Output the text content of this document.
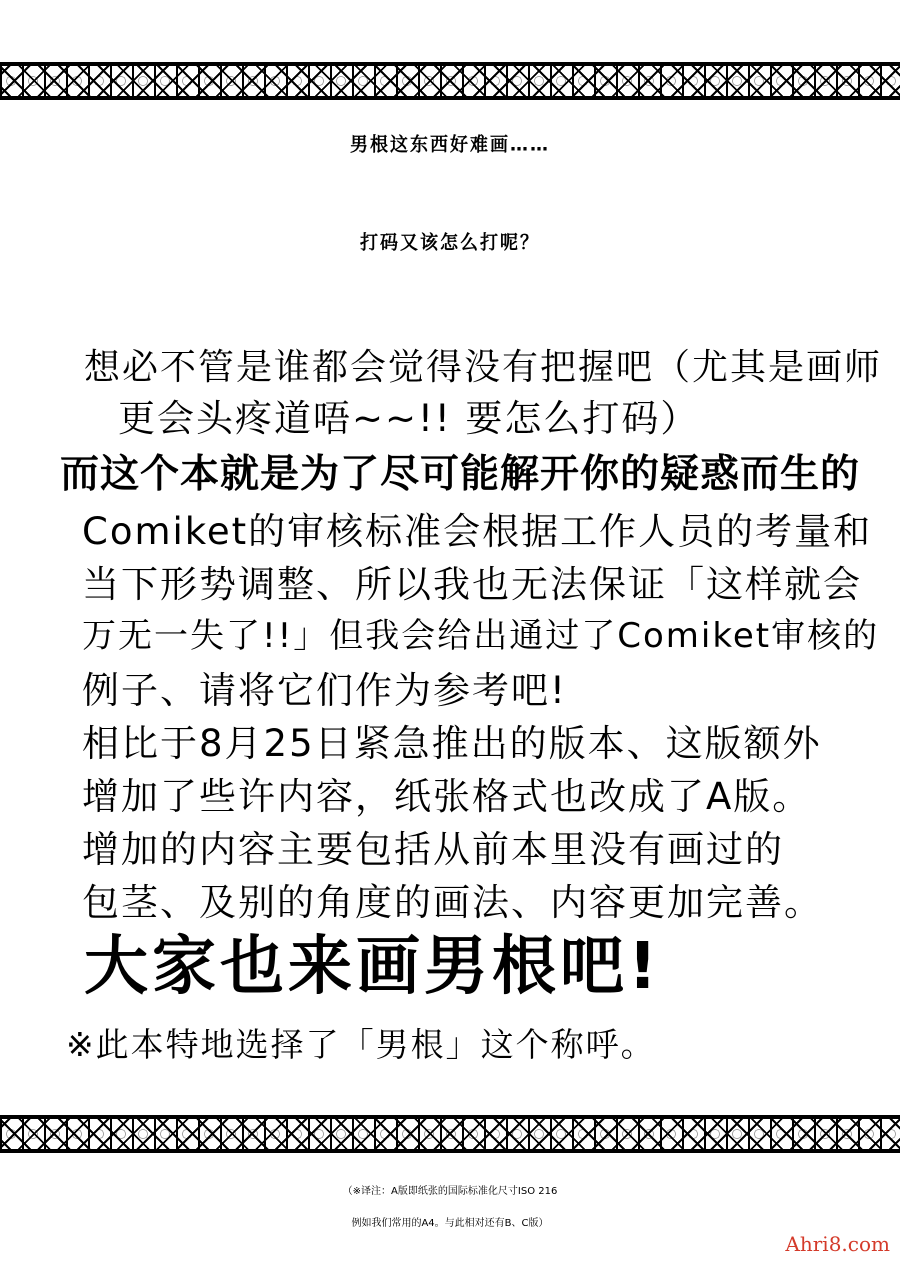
男根这东西好难画……
打码又该怎么打呢？
想必不管是谁都会觉得没有把握吧（尤其是画师
更会头疼道唔~~!! 要怎么打码）
而这个本就是为了尽可能解开你的疑惑而生的
Comiket的审核标准会根据工作人员的考量和
当下形势调整、所以我也无法保证「这样就会
万无一失了!!」但我会给出通过了Comiket审核的
例子、请将它们作为参考吧!
相比于8月25日紧急推出的版本、这版额外
增加了些许内容，纸张格式也改成了A版。
增加的内容主要包括从前本里没有画过的
包茎、及别的角度的画法、内容更加完善。
大家也来画男根吧!
※此本特地选择了「男根」这个称呼。
（※译注：A版即纸张的国际标准化尺寸ISO 216
例如我们常用的A4。与此相对还有B、C版）
Ahri8.com
